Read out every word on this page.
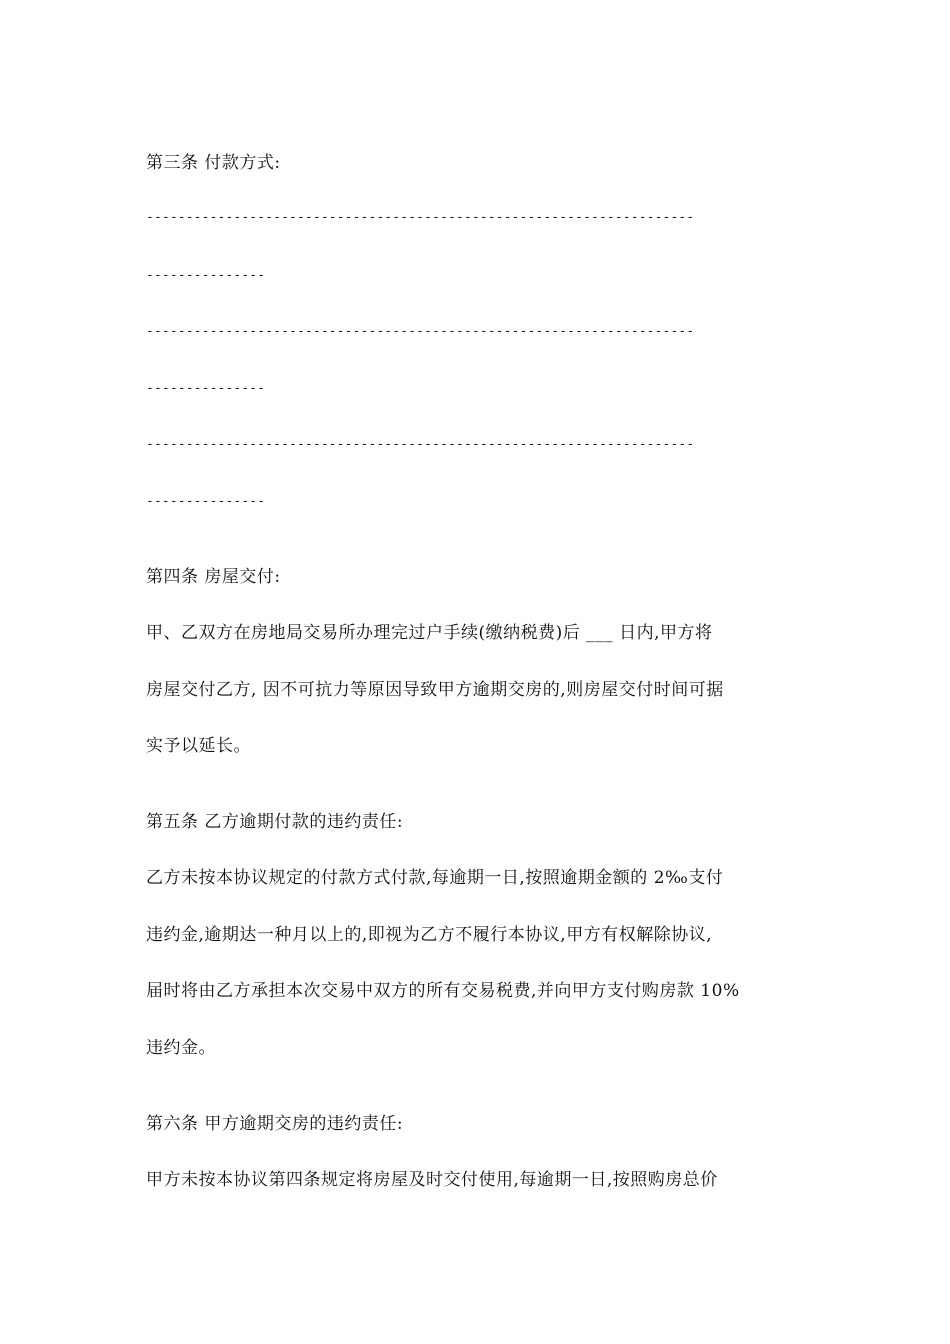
第三条 付款方式:
---------------------------------------------------------------------
---------------
---------------------------------------------------------------------
---------------
---------------------------------------------------------------------
---------------
第四条 房屋交付:
甲、乙双方在房地局交易所办理完过户手续(缴纳税费)后 ___ 日内,甲方将
房屋交付乙方, 因不可抗力等原因导致甲方逾期交房的,则房屋交付时间可据
实予以延长。
第五条 乙方逾期付款的违约责任:
乙方未按本协议规定的付款方式付款,每逾期一日,按照逾期金额的 2‰支付
违约金,逾期达一种月以上的,即视为乙方不履行本协议,甲方有权解除协议,
届时将由乙方承担本次交易中双方的所有交易税费,并向甲方支付购房款 10%
违约金。
第六条 甲方逾期交房的违约责任:
甲方未按本协议第四条规定将房屋及时交付使用,每逾期一日,按照购房总价
